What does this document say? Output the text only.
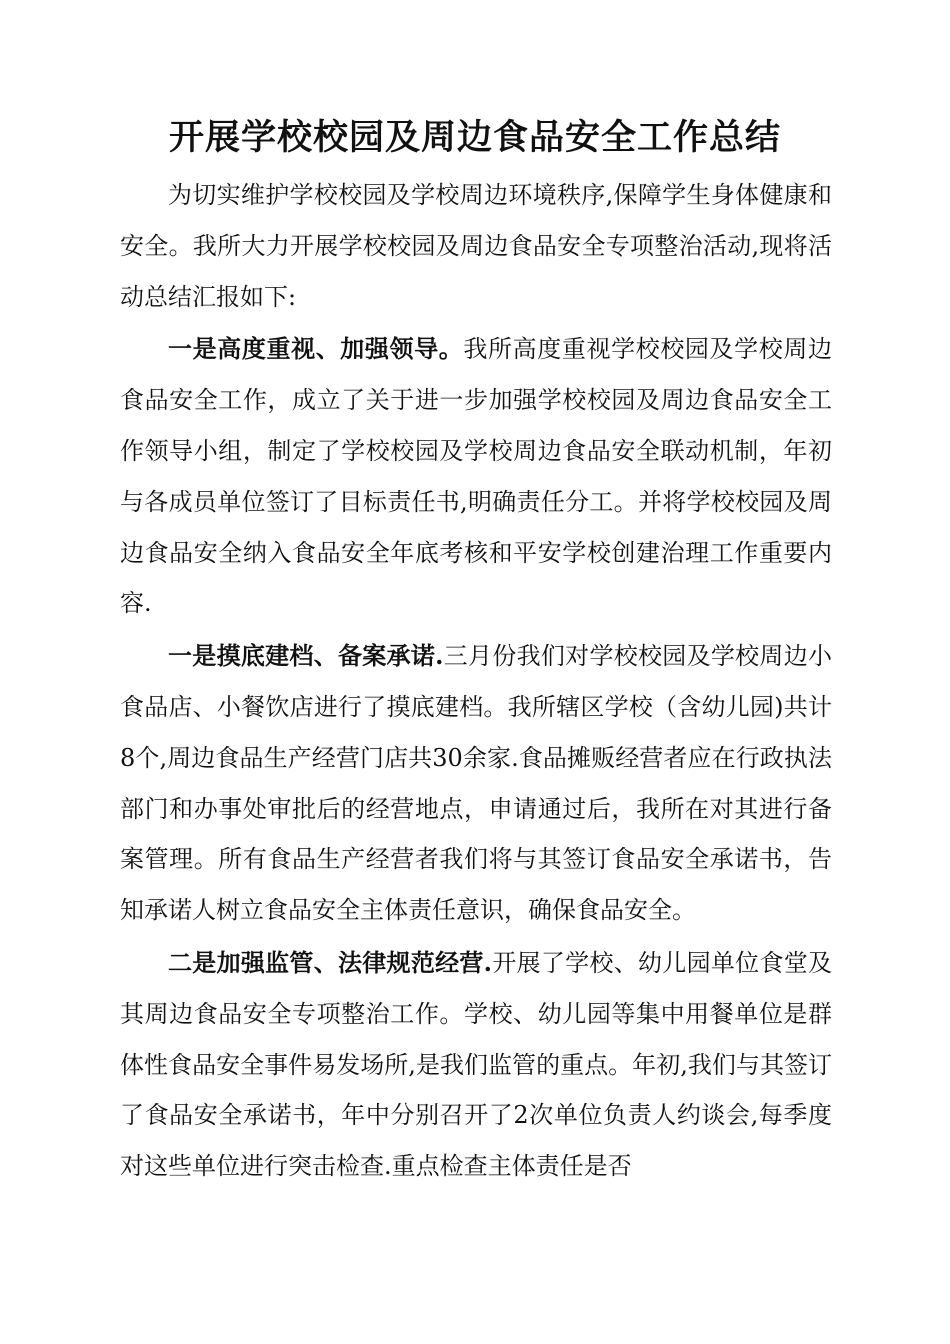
开展学校校园及周边食品安全工作总结

为切实维护学校校园及学校周边环境秩序,保障学生身体健康和安全。我所大力开展学校校园及周边食品安全专项整治活动,现将活动总结汇报如下:

一是高度重视、加强领导。我所高度重视学校校园及学校周边食品安全工作，成立了关于进一步加强学校校园及周边食品安全工作领导小组，制定了学校校园及学校周边食品安全联动机制，年初与各成员单位签订了目标责任书,明确责任分工。并将学校校园及周边食品安全纳入食品安全年底考核和平安学校创建治理工作重要内容.

一是摸底建档、备案承诺.三月份我们对学校校园及学校周边小食品店、小餐饮店进行了摸底建档。我所辖区学校（含幼儿园)共计8个,周边食品生产经营门店共30余家.食品摊贩经营者应在行政执法部门和办事处审批后的经营地点，申请通过后，我所在对其进行备案管理。所有食品生产经营者我们将与其签订食品安全承诺书，告知承诺人树立食品安全主体责任意识，确保食品安全。

二是加强监管、法律规范经营.开展了学校、幼儿园单位食堂及其周边食品安全专项整治工作。学校、幼儿园等集中用餐单位是群体性食品安全事件易发场所,是我们监管的重点。年初,我们与其签订了食品安全承诺书，年中分别召开了2次单位负责人约谈会,每季度对这些单位进行突击检查.重点检查主体责任是否
